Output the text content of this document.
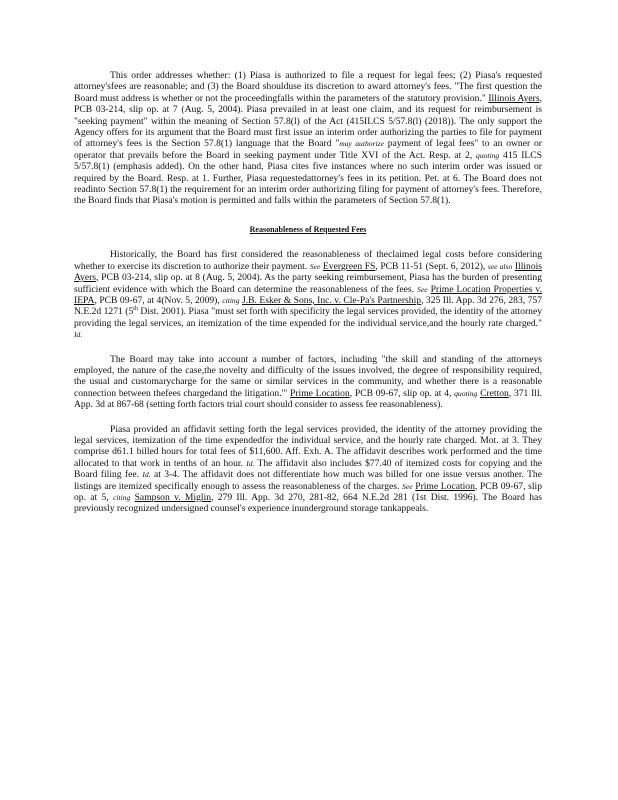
This order addresses whether: (1) Piasa is authorized to file a request for legal fees; (2) Piasa's requested attorney'sfees are reasonable; and (3) the Board shoulduse its discretion to award attorney's fees. "The first question the Board must address is whether or not the proceedingfalls within the parameters of the statutory provision." Illinois Ayers, PCB 03-214, slip op. at 7 (Aug. 5, 2004). Piasa prevailed in at least one claim, and its request for reimbursement is "seeking payment" within the meaning of Section 57.8(l) of the Act (415ILCS 5/57.8(l) (2018)). The only support the Agency offers for its argument that the Board must first issue an interim order authorizing the parties to file for payment of attorney's fees is the Section 57.8(1) language that the Board "may authorize payment of legal fees" to an owner or operator that prevails before the Board in seeking payment under Title XVI of the Act. Resp. at 2, quoting 415 ILCS 5/57.8(1) (emphasis added). On the other hand, Piasa cites five instances where no such interim order was issued or required by the Board. Resp. at 1. Further, Piasa requestedattorney's fees in its petition. Pet. at 6. The Board does not readinto Section 57.8(1) the requirement for an interim order authorizing filing for payment of attorney's fees. Therefore, the Board finds that Piasa's motion is permitted and falls within the parameters of Section 57.8(1).

Reasonableness of Requested Fees

Historically, the Board has first considered the reasonableness of theclaimed legal costs before considering whether to exercise its discretion to authorize their payment. See Evergreen FS, PCB 11-51 (Sept. 6, 2012), see also Illinois Ayers, PCB 03-214, slip op. at 8 (Aug. 5, 2004). As the party seeking reimbursement, Piasa has the burden of presenting sufficient evidence with which the Board can determine the reasonableness of the fees. See Prime Location Properties v. IEPA, PCB 09-67, at 4(Nov. 5, 2009), citing J.B. Esker & Sons, Inc. v. Cle-Pa's Partnership, 325 Ill. App. 3d 276, 283, 757 N.E.2d 1271 (5th Dist. 2001). Piasa "must set forth with specificity the legal services provided, the identity of the attorney providing the legal services, an itemization of the time expended for the individual service,and the hourly rate charged." Id.

The Board may take into account a number of factors, including "the skill and standing of the attorneys employed, the nature of the case,the novelty and difficulty of the issues involved, the degree of responsibility required, the usual and customarycharge for the same or similar services in the community, and whether there is a reasonable connection between thefees chargedand the litigation.'" Prime Location, PCB 09-67, slip op. at 4, quoting Cretton, 371 Ill. App. 3d at 867-68 (setting forth factors trial court should consider to assess fee reasonableness).

Piasa provided an affidavit setting forth the legal services provided, the identity of the attorney providing the legal services, itemization of the time expendedfor the individual service, and the hourly rate charged. Mot. at 3. They comprise d61.1 billed hours for total fees of $11,600. Aff. Exh. A. The affidavit describes work performed and the time allocated to that work in tenths of an hour. Id. The affidavit also includes $77.40 of itemized costs for copying and the Board filing fee. Id. at 3-4. The affidavit does not differentiate how much was billed for one issue versus another. The listings are itemized specifically enough to assess the reasonableness of the charges. See Prime Location, PCB 09-67, slip op. at 5, citing Sampson v. Miglin, 279 Ill. App. 3d 270, 281-82, 664 N.E.2d 281 (1st Dist. 1996). The Board has previously recognized undersigned counsel's experience inunderground storage tankappeals.
